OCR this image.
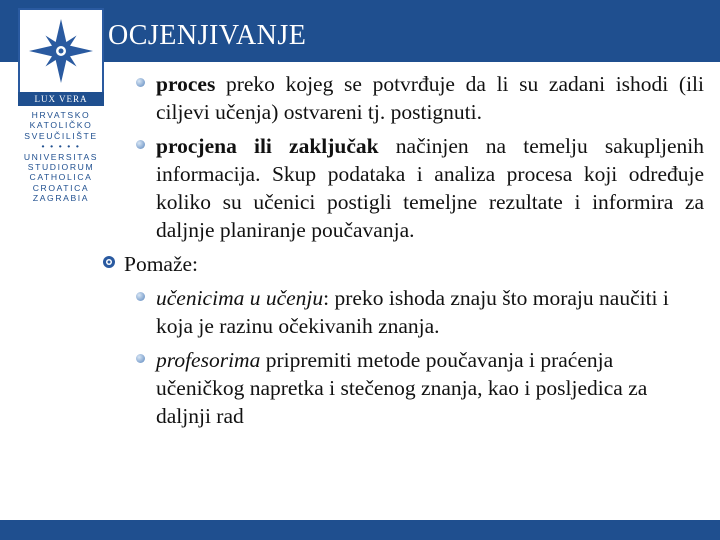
OCJENJIVANJE
LUX VERA
HRVATSKO
KATOLIČKO
SVEUČILIŠTE
• • • • •
UNIVERSITAS
STUDIORUM
CATHOLICA
CROATICA
ZAGRABIA
proces preko kojeg se potvrđuje da li su zadani ishodi (ili ciljevi učenja) ostvareni tj. postignuti.
procjena ili zaključak načinjen na temelju sakupljenih informacija. Skup podataka i analiza procesa koji određuje koliko su učenici postigli temeljne rezultate i informira za daljnje planiranje poučavanja.
Pomaže:
učenicima u učenju: preko ishoda znaju što moraju naučiti i koja je razinu očekivanih znanja.
profesorima pripremiti metode poučavanja i praćenja učeničkog napretka i stečenog znanja, kao i posljedica za daljnji rad
